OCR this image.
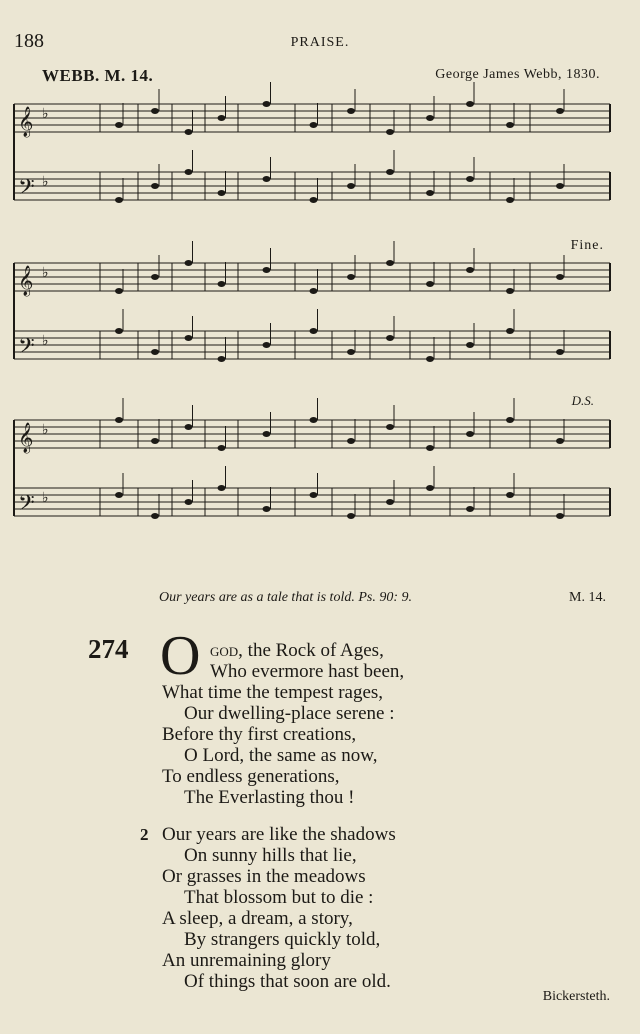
188	PRAISE.
WEBB. M. 14.	George James Webb, 1830.
𝄞 ♭
𝄢 ♭
𝄞 ♭
𝄢 ♭
𝄞 ♭
𝄢 ♭
Fine.
D.S.
Our years are as a tale that is told. Ps. 90: 9.	M. 14.
274 O god, the Rock of Ages,
Who evermore hast been,
What time the tempest rages,
Our dwelling-place serene :
Before thy first creations,
O Lord, the same as now,
To endless generations,
The Everlasting thou !
2 Our years are like the shadows
On sunny hills that lie,
Or grasses in the meadows
That blossom but to die :
A sleep, a dream, a story,
By strangers quickly told,
An unremaining glory
Of things that soon are old.
Bickersteth.
